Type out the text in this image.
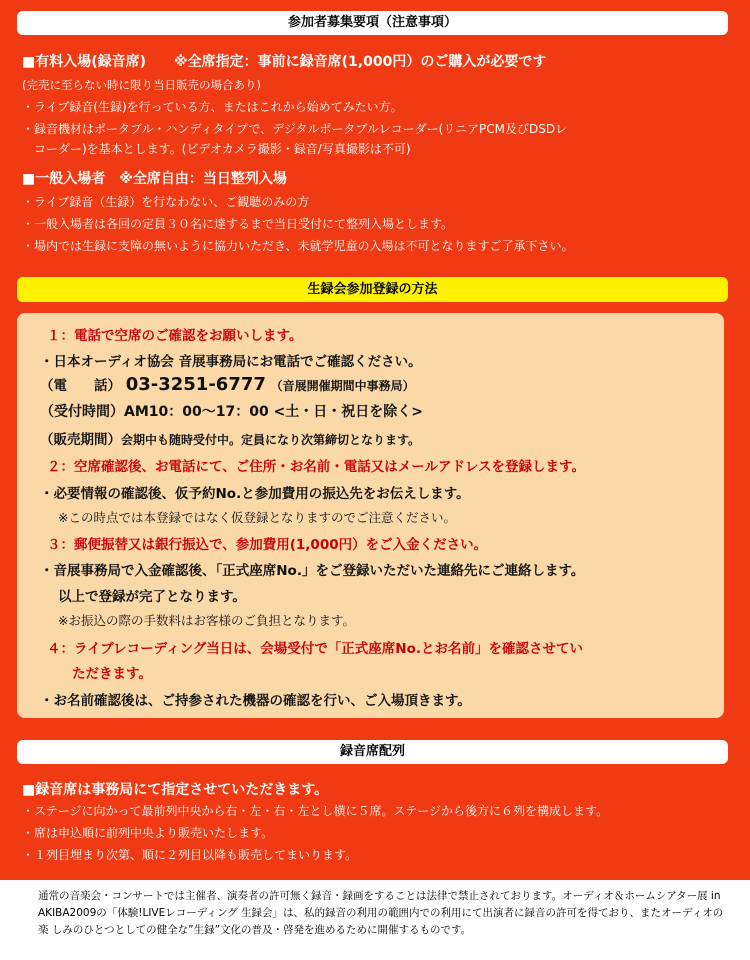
参加者募集要項（注意事項）
■有料入場(録音席)　　※全席指定：事前に録音席(1,000円）のご購入が必要です
(完売に至らない時に限り当日販売の場合あり)
・ライブ録音(生録)を行っている方、またはこれから始めてみたい方。
・録音機材はポータブル・ハンディタイプで、デジタルポータブルレコーダー(リニアPCM及びDSDレ
　コーダー)を基本とします。(ビデオカメラ撮影・録音/写真撮影は不可)
■一般入場者　※全席自由：当日整列入場
・ライブ録音（生録）を行なわない、ご観聴のみの方
・一般入場者は各回の定員３０名に達するまで当日受付にて整列入場とします。
・場内では生録に支障の無いように協力いただき、未就学児童の入場は不可となりますご了承下さい。
生録会参加登録の方法
１：電話で空席のご確認をお願いします。
・日本オーディオ協会 音展事務局にお電話でご確認ください。
（電　　話） 03-3251-6777 （音展開催期間中事務局）
（受付時間）AM10：00〜17：00 <土・日・祝日を除く>
（販売期間）会期中も随時受付中。定員になり次第締切となります。
２：空席確認後、お電話にて、ご住所・お名前・電話又はメールアドレスを登録します。
・必要情報の確認後、仮予約No.と参加費用の振込先をお伝えします。
※この時点では本登録ではなく仮登録となりますのでご注意ください。
３：郵便振替又は銀行振込で、参加費用(1,000円）をご入金ください。
・音展事務局で入金確認後、「正式座席No.」をご登録いただいた連絡先にご連絡します。
以上で登録が完了となります。
※お振込の際の手数料はお客様のご負担となります。
４：ライブレコーディング当日は、会場受付で「正式座席No.とお名前」を確認させてい
ただきます。
・お名前確認後は、ご持参された機器の確認を行い、ご入場頂きます。
録音席配列
■録音席は事務局にて指定させていただきます。
・ステージに向かって最前列中央から右・左・右・左とし横に５席。ステージから後方に６列を構成します。
・席は申込順に前列中央より販売いたします。
・１列目埋まり次第、順に２列目以降も販売してまいります。
通常の音楽会・コンサートでは主催者、演奏者の許可無く録音・録画をすることは法律で禁止されております。オーディオ＆ホームシアター展 in AKIBA2009の「体験!LIVEレコーディング 生録会」は、私的録音の利用の範囲内での利用にて出演者に録音の許可を得ており、またオーディオの楽 しみのひとつとしての健全な”生録”文化の普及・啓発を進めるために開催するものです。
